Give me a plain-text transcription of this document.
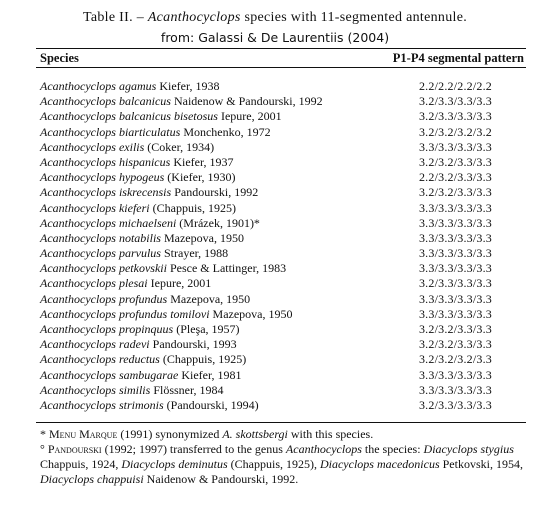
Table II. – Acanthocyclops species with 11-segmented antennule.
from: Galassi & De Laurentiis (2004)
Species	P1-P4 segmental pattern
Acanthocyclops agamus Kiefer, 1938	2.2/2.2/2.2/2.2
Acanthocyclops balcanicus Naidenow & Pandourski, 1992	3.2/3.3/3.3/3.3
Acanthocyclops balcanicus bisetosus Iepure, 2001	3.2/3.3/3.3/3.3
Acanthocyclops biarticulatus Monchenko, 1972	3.2/3.2/3.2/3.2
Acanthocyclops exilis (Coker, 1934)	3.3/3.3/3.3/3.3
Acanthocyclops hispanicus Kiefer, 1937	3.2/3.2/3.3/3.3
Acanthocyclops hypogeus (Kiefer, 1930)	2.2/3.2/3.3/3.3
Acanthocyclops iskrecensis Pandourski, 1992	3.2/3.2/3.3/3.3
Acanthocyclops kieferi (Chappuis, 1925)	3.3/3.3/3.3/3.3
Acanthocyclops michaelseni (Mrázek, 1901)*	3.3/3.3/3.3/3.3
Acanthocyclops notabilis Mazepova, 1950	3.3/3.3/3.3/3.3
Acanthocyclops parvulus Strayer, 1988	3.3/3.3/3.3/3.3
Acanthocyclops petkovskii Pesce & Lattinger, 1983	3.3/3.3/3.3/3.3
Acanthocyclops plesai Iepure, 2001	3.2/3.3/3.3/3.3
Acanthocyclops profundus Mazepova, 1950	3.3/3.3/3.3/3.3
Acanthocyclops profundus tomilovi Mazepova, 1950	3.3/3.3/3.3/3.3
Acanthocyclops propinquus (Pleşa, 1957)	3.2/3.2/3.3/3.3
Acanthocyclops radevi Pandourski, 1993	3.2/3.2/3.3/3.3
Acanthocyclops reductus (Chappuis, 1925)	3.2/3.2/3.2/3.3
Acanthocyclops sambugarae Kiefer, 1981	3.3/3.3/3.3/3.3
Acanthocyclops similis Flössner, 1984	3.3/3.3/3.3/3.3
Acanthocyclops strimonis (Pandourski, 1994)	3.2/3.3/3.3/3.3
* Menu Marque (1991) synonymized A. skottsbergi with this species.
° Pandourski (1992; 1997) transferred to the genus Acanthocyclops the species: Diacyclops stygius Chappuis, 1924, Diacyclops deminutus (Chappuis, 1925), Diacyclops macedonicus Petkovski, 1954, Diacyclops chappuisi Naidenow & Pandourski, 1992.
